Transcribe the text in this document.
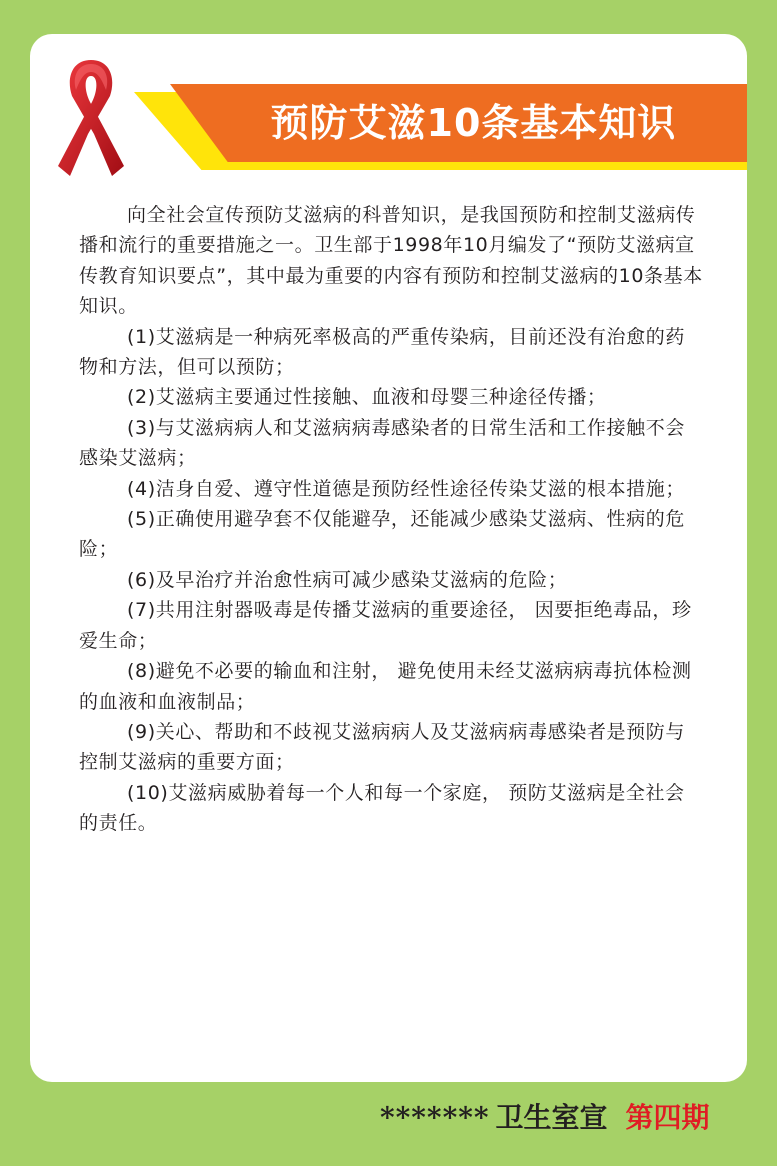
预防艾滋10条基本知识

向全社会宣传预防艾滋病的科普知识，是我国预防和控制艾滋病传播和流行的重要措施之一。卫生部于1998年10月编发了“预防艾滋病宣传教育知识要点”，其中最为重要的内容有预防和控制艾滋病的10条基本知识。

(1)艾滋病是一种病死率极高的严重传染病，目前还没有治愈的药物和方法，但可以预防；

(2)艾滋病主要通过性接触、血液和母婴三种途径传播；

(3)与艾滋病病人和艾滋病病毒感染者的日常生活和工作接触不会感染艾滋病；

(4)洁身自爱、遵守性道德是预防经性途径传染艾滋的根本措施；

(5)正确使用避孕套不仅能避孕，还能减少感染艾滋病、性病的危险；

(6)及早治疗并治愈性病可减少感染艾滋病的危险；

(7)共用注射器吸毒是传播艾滋病的重要途径， 因要拒绝毒品，珍爱生命；

(8)避免不必要的输血和注射， 避免使用未经艾滋病病毒抗体检测的血液和血液制品；

(9)关心、帮助和不歧视艾滋病病人及艾滋病病毒感染者是预防与控制艾滋病的重要方面；

(10)艾滋病威胁着每一个人和每一个家庭， 预防艾滋病是全社会的责任。

******* 卫生室宣 第四期
